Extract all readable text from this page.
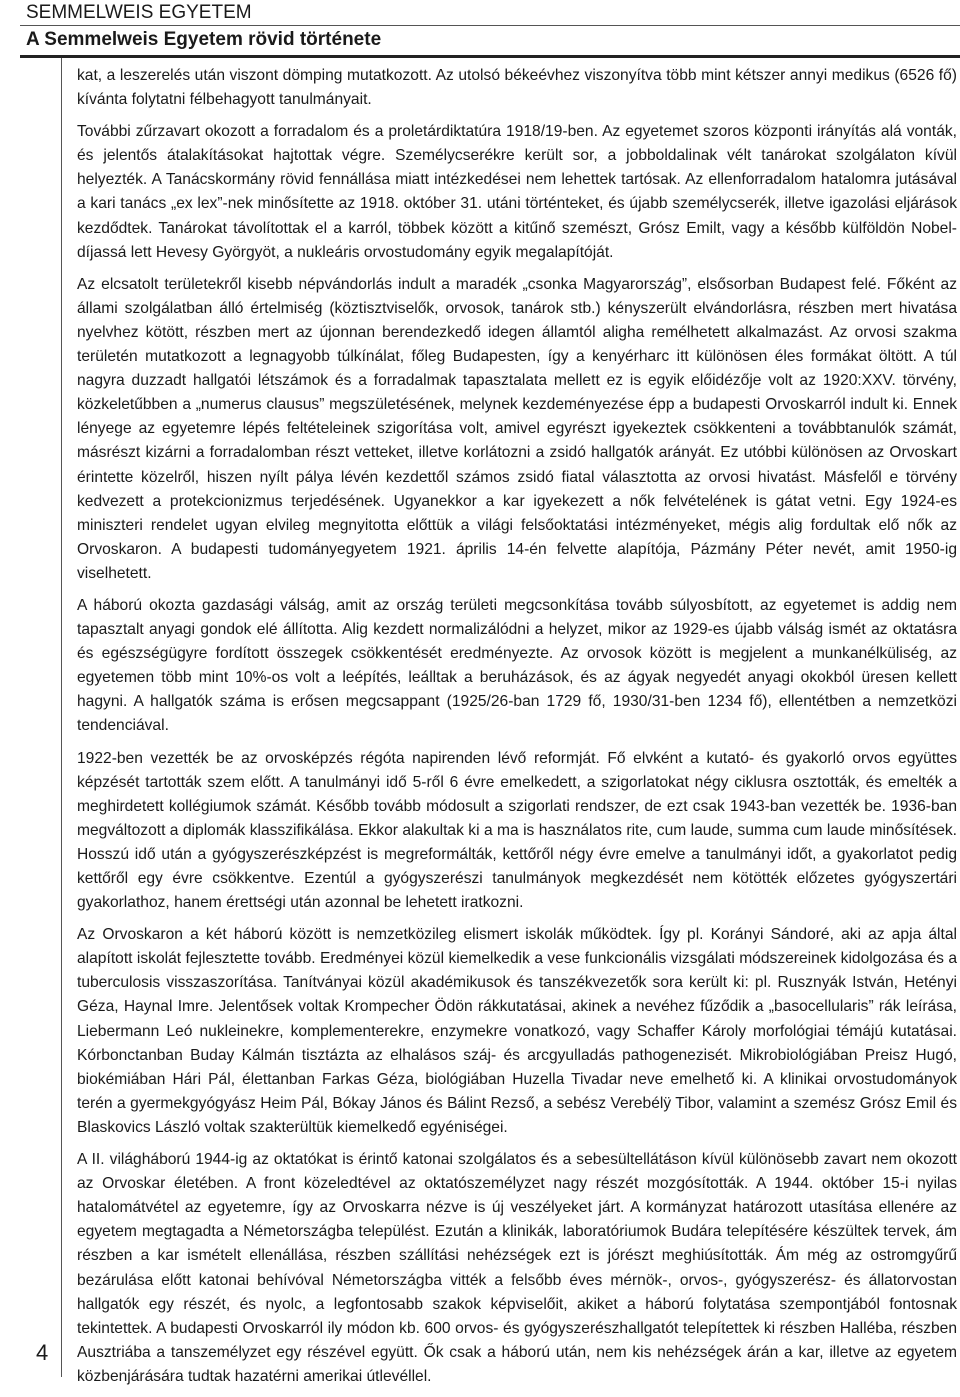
SEMMELWEIS EGYETEM
A Semmelweis Egyetem rövid története
4

kat, a leszerelés után viszont dömping mutatkozott. Az utolsó békeévhez viszonyítva több mint kétszer annyi medikus (6526 fő) kívánta folytatni félbehagyott tanulmányait.

További zűrzavart okozott a forradalom és a proletárdiktatúra 1918/19-ben. Az egyetemet szoros központi irányítás alá vonták, és jelentős átalakításokat hajtottak végre. Személycserékre került sor, a jobboldalinak vélt tanárokat szolgálaton kívül helyezték. A Tanácskormány rövid fennállása miatt intézkedései nem lehettek tartósak. Az ellenforradalom hatalomra jutásával a kari tanács „ex lex”-nek minősítette az 1918. október 31. utáni történteket, és újabb személycserék, illetve igazolási eljárások kezdődtek. Tanárokat távolítottak el a karról, többek között a kitűnő szemészt, Grósz Emilt, vagy a később külföldön Nobel-díjassá lett Hevesy Györgyöt, a nukleáris orvostudomány egyik megalapítóját.

Az elcsatolt területekről kisebb népvándorlás indult a maradék „csonka Magyarország”, elsősorban Budapest felé. Főként az állami szolgálatban álló értelmiség (köztisztviselők, orvosok, tanárok stb.) kényszerült elvándorlásra, részben mert hivatása nyelvhez kötött, részben mert az újonnan berendezkedő idegen államtól aligha remélhetett alkalmazást. Az orvosi szakma területén mutatkozott a legnagyobb túlkínálat, főleg Budapesten, így a kenyérharc itt különösen éles formákat öltött. A túl nagyra duzzadt hallgatói létszámok és a forradalmak tapasztalata mellett ez is egyik előidézője volt az 1920:XXV. törvény, közkeletűbben a „numerus clausus” megszületésének, melynek kezdeményezése épp a budapesti Orvoskarról indult ki. Ennek lényege az egyetemre lépés feltételeinek szigorítása volt, amivel egyrészt igyekeztek csökkenteni a továbbtanulók számát, másrészt kizárni a forradalomban részt vetteket, illetve korlátozni a zsidó hallgatók arányát. Ez utóbbi különösen az Orvoskart érintette közelről, hiszen nyílt pálya lévén kezdettől számos zsidó fiatal választotta az orvosi hivatást. Másfelől e törvény kedvezett a protekcionizmus terjedésének. Ugyanekkor a kar igyekezett a nők felvételének is gátat vetni. Egy 1924-es miniszteri rendelet ugyan elvileg megnyitotta előttük a világi felsőoktatási intézményeket, mégis alig fordultak elő nők az Orvoskaron. A budapesti tudományegyetem 1921. április 14-én felvette alapítója, Pázmány Péter nevét, amit 1950-ig viselhetett.

A háború okozta gazdasági válság, amit az ország területi megcsonkítása tovább súlyosbított, az egyetemet is addig nem tapasztalt anyagi gondok elé állította. Alig kezdett normalizálódni a helyzet, mikor az 1929-es újabb válság ismét az oktatásra és egészségügyre fordított összegek csökkentését eredményezte. Az orvosok között is megjelent a munkanélküliség, az egyetemen több mint 10%-os volt a leépítés, leálltak a beruházások, és az ágyak negyedét anyagi okokból üresen kellett hagyni. A hallgatók száma is erősen megcsappant (1925/26-ban 1729 fő, 1930/31-ben 1234 fő), ellentétben a nemzetközi tendenciával.

1922-ben vezették be az orvosképzés régóta napirenden lévő reformját. Fő elvként a kutató- és gyakorló orvos együttes képzését tartották szem előtt. A tanulmányi idő 5-ről 6 évre emelkedett, a szigorlatokat négy ciklusra osztották, és emelték a meghirdetett kollégiumok számát. Később tovább módosult a szigorlati rendszer, de ezt csak 1943-ban vezették be. 1936-ban megváltozott a diplomák klasszifikálása. Ekkor alakultak ki a ma is használatos rite, cum laude, summa cum laude minősítések. Hosszú idő után a gyógyszerészképzést is megreformálták, kettőről négy évre emelve a tanulmányi időt, a gyakorlatot pedig kettőről egy évre csökkentve. Ezentúl a gyógyszerészi tanulmányok megkezdését nem kötötték előzetes gyógyszertári gyakorlathoz, hanem érettségi után azonnal be lehetett iratkozni.

Az Orvoskaron a két háború között is nemzetközileg elismert iskolák működtek. Így pl. Korányi Sándoré, aki az apja által alapított iskolát fejlesztette tovább. Eredményei közül kiemelkedik a vese funkcionális vizsgálati módszereinek kidolgozása és a tuberculosis visszaszorítása. Tanítványai közül akadémikusok és tanszékvezetők sora került ki: pl. Rusznyák István, Hetényi Géza, Haynal Imre. Jelentősek voltak Krompecher Ödön rákkutatásai, akinek a nevéhez fűződik a „basocellularis” rák leírása, Liebermann Leó nukleinekre, komplementerekre, enzymekre vonatkozó, vagy Schaffer Károly morfológiai témájú kutatásai. Kórbonctanban Buday Kálmán tisztázta az elhalásos száj- és arcgyulladás pathogenezisét. Mikrobiológiában Preisz Hugó, biokémiában Hári Pál, élettanban Farkas Géza, biológiában Huzella Tivadar neve emelhető ki. A klinikai orvostudományok terén a gyermekgyógyász Heim Pál, Bókay János és Bálint Rezső, a sebész Verebélÿ Tibor, valamint a szemész Grósz Emil és Blaskovics László voltak szakterültük kiemelkedő egyéniségei.

A II. világháború 1944-ig az oktatókat is érintő katonai szolgálatos és a sebesültellátáson kívül különösebb zavart nem okozott az Orvoskar életében. A front közeledtével az oktatószemélyzet nagy részét mozgósították. A 1944. október 15-i nyilas hatalomátvétel az egyetemre, így az Orvoskarra nézve is új veszélyeket járt. A kormányzat határozott utasítása ellenére az egyetem megtagadta a Németországba települést. Ezután a klinikák, laboratóriumok Budára telepítésére készültek tervek, ám részben a kar ismételt ellenállása, részben szállítási nehézségek ezt is jórészt meghiúsították. Ám még az ostromgyűrű bezárulása előtt katonai behívóval Németországba vitték a felsőbb éves mérnök-, orvos-, gyógyszerész- és állatorvostan hallgatók egy részét, és nyolc, a legfontosabb szakok képviselőit, akiket a háború folytatása szempontjából fontosnak tekintettek. A budapesti Orvoskarról ily módon kb. 600 orvos- és gyógyszerészhallgatót telepítettek ki részben Halléba, részben Ausztriába a tanszemélyzet egy részével együtt. Ők csak a háború után, nem kis nehézségek árán a kar, illetve az egyetem közbenjárására tudtak hazatérni amerikai útlevéllel.
